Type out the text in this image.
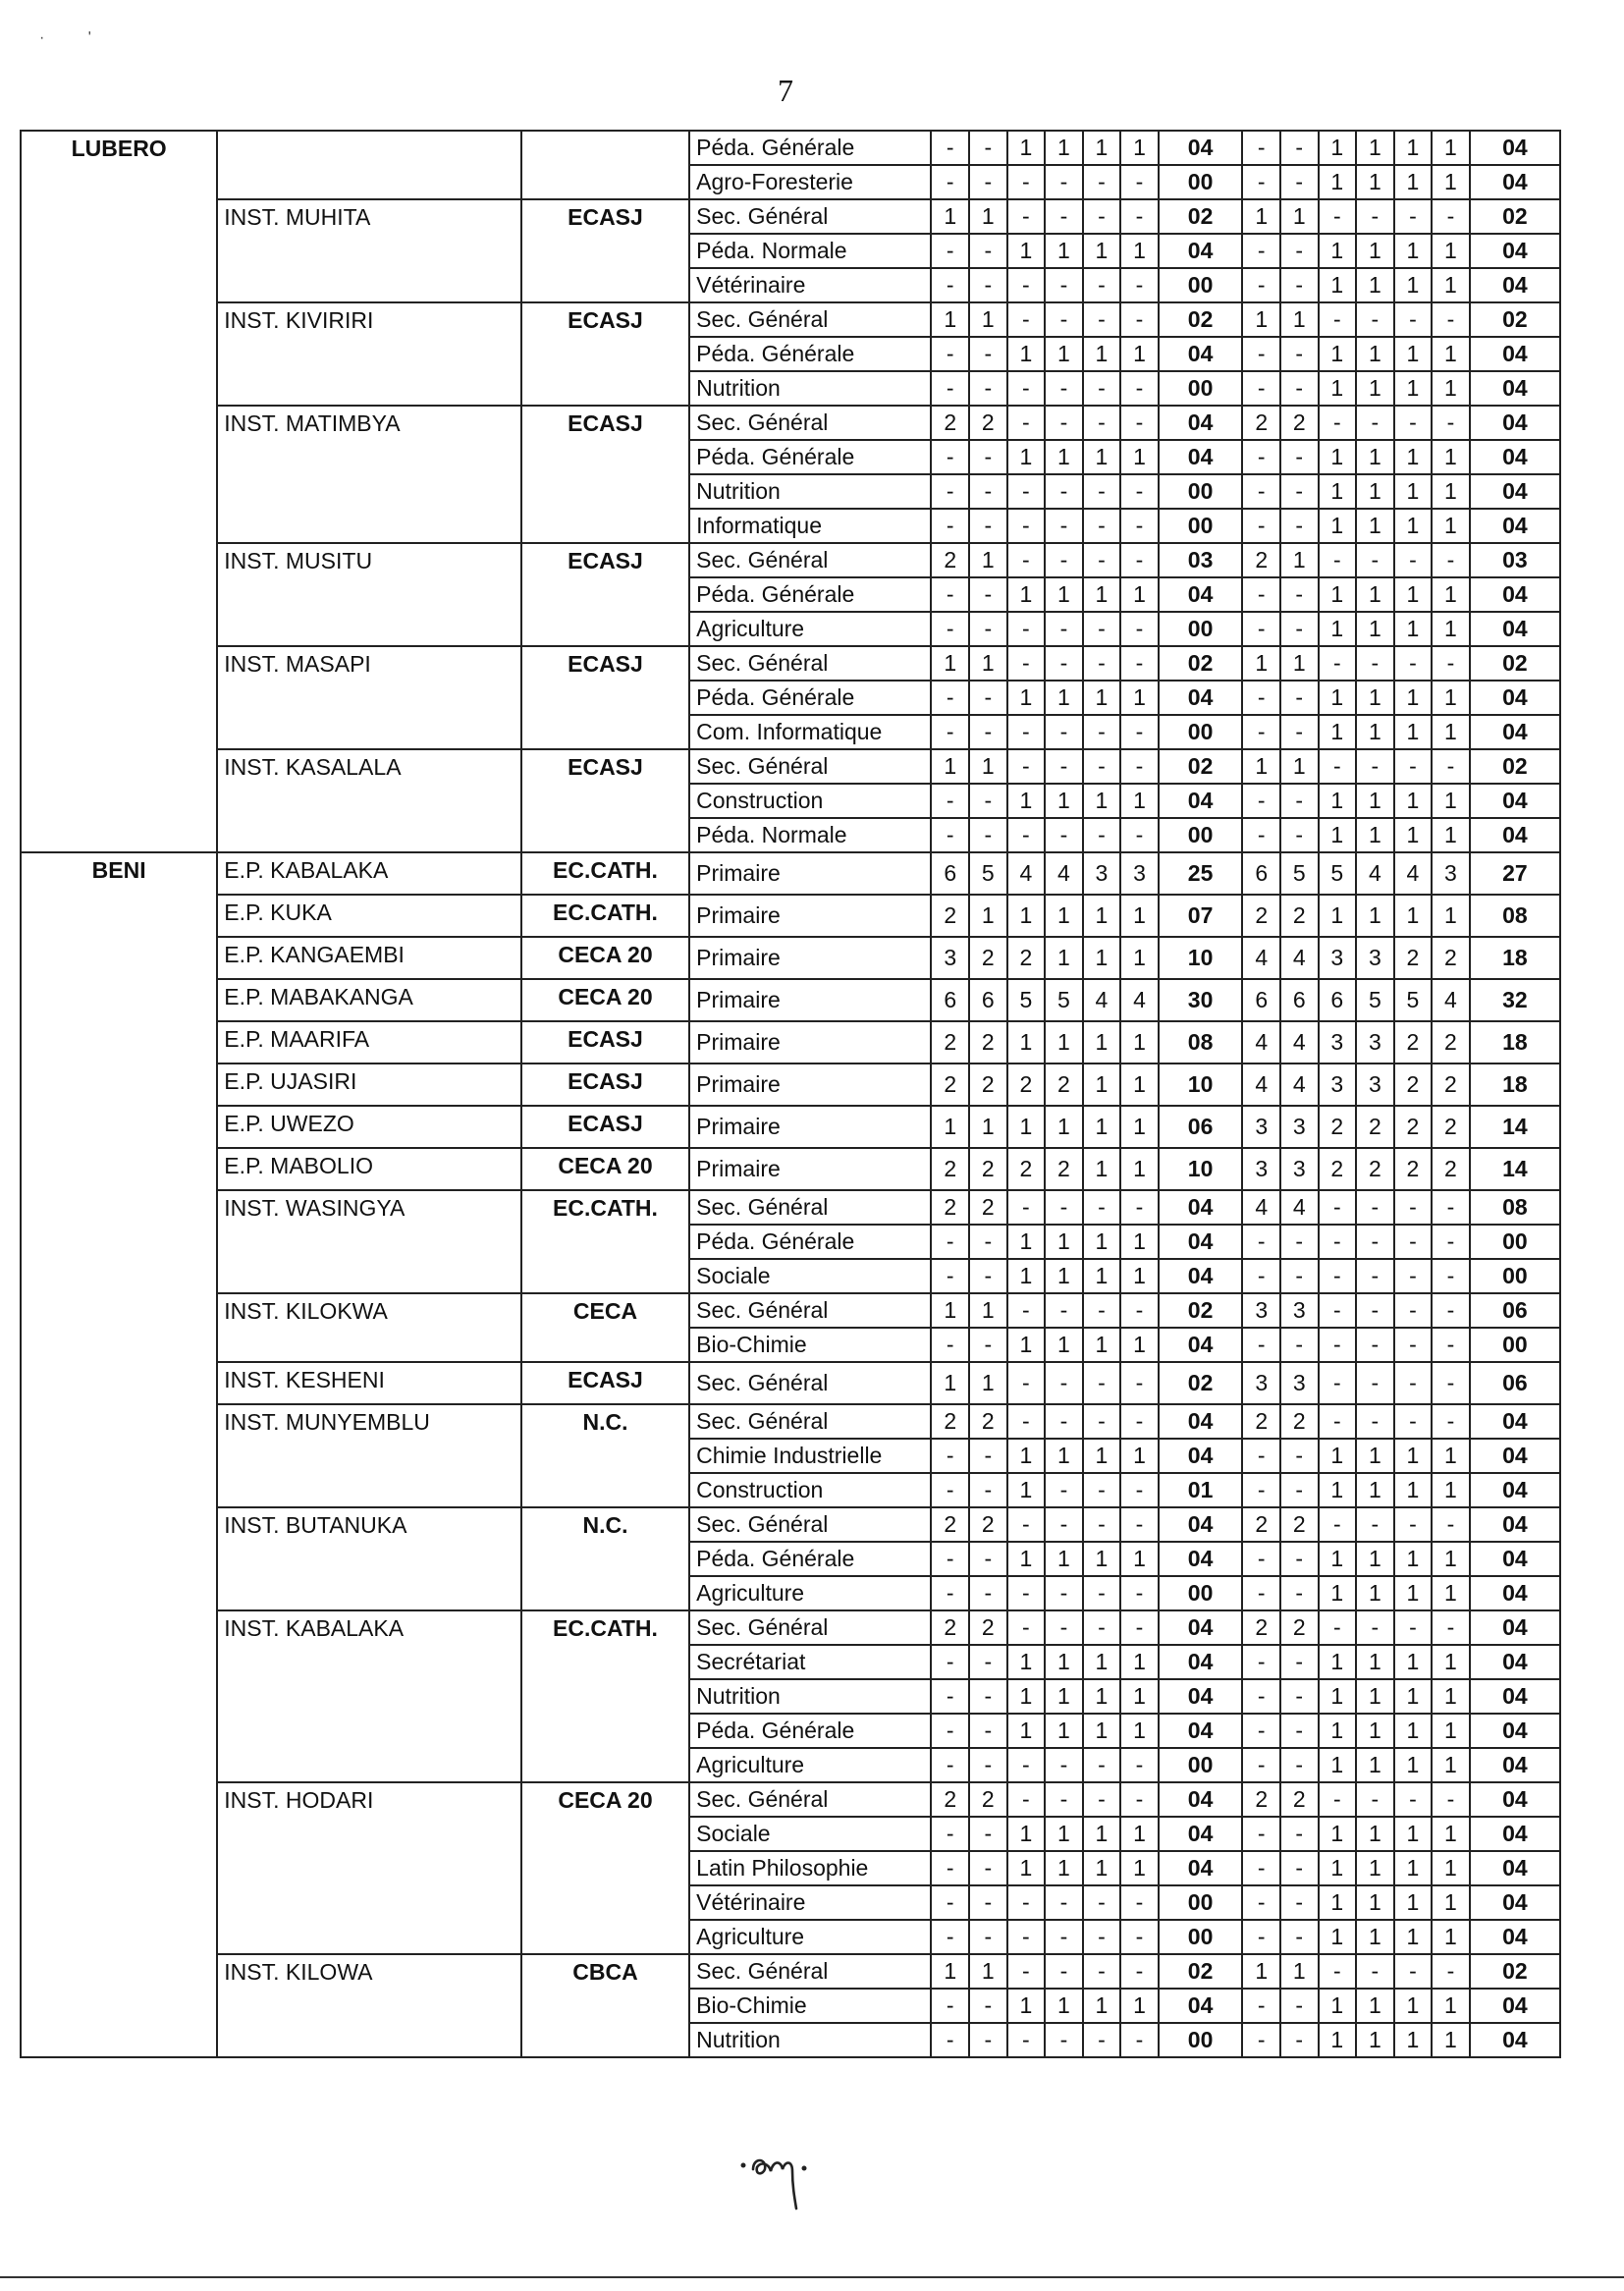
·          '
7
LUBERO			Péda. Générale	-	-	1	1	1	1	04	-	-	1	1	1	1	04
			Agro-Foresterie	-	-	-	-	-	-	00	-	-	1	1	1	1	04
	INST. MUHITA	ECASJ	Sec. Général	1	1	-	-	-	-	02	1	1	-	-	-	-	02
			Péda. Normale	-	-	1	1	1	1	04	-	-	1	1	1	1	04
			Vétérinaire	-	-	-	-	-	-	00	-	-	1	1	1	1	04
	INST. KIVIRIRI	ECASJ	Sec. Général	1	1	-	-	-	-	02	1	1	-	-	-	-	02
			Péda. Générale	-	-	1	1	1	1	04	-	-	1	1	1	1	04
			Nutrition	-	-	-	-	-	-	00	-	-	1	1	1	1	04
	INST. MATIMBYA	ECASJ	Sec. Général	2	2	-	-	-	-	04	2	2	-	-	-	-	04
			Péda. Générale	-	-	1	1	1	1	04	-	-	1	1	1	1	04
			Nutrition	-	-	-	-	-	-	00	-	-	1	1	1	1	04
			Informatique	-	-	-	-	-	-	00	-	-	1	1	1	1	04
	INST. MUSITU	ECASJ	Sec. Général	2	1	-	-	-	-	03	2	1	-	-	-	-	03
			Péda. Générale	-	-	1	1	1	1	04	-	-	1	1	1	1	04
			Agriculture	-	-	-	-	-	-	00	-	-	1	1	1	1	04
	INST. MASAPI	ECASJ	Sec. Général	1	1	-	-	-	-	02	1	1	-	-	-	-	02
			Péda. Générale	-	-	1	1	1	1	04	-	-	1	1	1	1	04
			Com. Informatique	-	-	-	-	-	-	00	-	-	1	1	1	1	04
	INST. KASALALA	ECASJ	Sec. Général	1	1	-	-	-	-	02	1	1	-	-	-	-	02
			Construction	-	-	1	1	1	1	04	-	-	1	1	1	1	04
			Péda. Normale	-	-	-	-	-	-	00	-	-	1	1	1	1	04
BENI	E.P. KABALAKA	EC.CATH.	Primaire	6	5	4	4	3	3	25	6	5	5	4	4	3	27
	E.P. KUKA	EC.CATH.	Primaire	2	1	1	1	1	1	07	2	2	1	1	1	1	08
	E.P. KANGAEMBI	CECA 20	Primaire	3	2	2	1	1	1	10	4	4	3	3	2	2	18
	E.P. MABAKANGA	CECA 20	Primaire	6	6	5	5	4	4	30	6	6	6	5	5	4	32
	E.P. MAARIFA	ECASJ	Primaire	2	2	1	1	1	1	08	4	4	3	3	2	2	18
	E.P. UJASIRI	ECASJ	Primaire	2	2	2	2	1	1	10	4	4	3	3	2	2	18
	E.P. UWEZO	ECASJ	Primaire	1	1	1	1	1	1	06	3	3	2	2	2	2	14
	E.P. MABOLIO	CECA 20	Primaire	2	2	2	2	1	1	10	3	3	2	2	2	2	14
	INST. WASINGYA	EC.CATH.	Sec. Général	2	2	-	-	-	-	04	4	4	-	-	-	-	08
			Péda. Générale	-	-	1	1	1	1	04	-	-	-	-	-	-	00
			Sociale	-	-	1	1	1	1	04	-	-	-	-	-	-	00
	INST. KILOKWA	CECA	Sec. Général	1	1	-	-	-	-	02	3	3	-	-	-	-	06
			Bio-Chimie	-	-	1	1	1	1	04	-	-	-	-	-	-	00
	INST. KESHENI	ECASJ	Sec. Général	1	1	-	-	-	-	02	3	3	-	-	-	-	06
	INST. MUNYEMBLU	N.C.	Sec. Général	2	2	-	-	-	-	04	2	2	-	-	-	-	04
			Chimie Industrielle	-	-	1	1	1	1	04	-	-	1	1	1	1	04
			Construction	-	-	1	-	-	-	01	-	-	1	1	1	1	04
	INST. BUTANUKA	N.C.	Sec. Général	2	2	-	-	-	-	04	2	2	-	-	-	-	04
			Péda. Générale	-	-	1	1	1	1	04	-	-	1	1	1	1	04
			Agriculture	-	-	-	-	-	-	00	-	-	1	1	1	1	04
	INST. KABALAKA	EC.CATH.	Sec. Général	2	2	-	-	-	-	04	2	2	-	-	-	-	04
			Secrétariat	-	-	1	1	1	1	04	-	-	1	1	1	1	04
			Nutrition	-	-	1	1	1	1	04	-	-	1	1	1	1	04
			Péda. Générale	-	-	1	1	1	1	04	-	-	1	1	1	1	04
			Agriculture	-	-	-	-	-	-	00	-	-	1	1	1	1	04
	INST. HODARI	CECA 20	Sec. Général	2	2	-	-	-	-	04	2	2	-	-	-	-	04
			Sociale	-	-	1	1	1	1	04	-	-	1	1	1	1	04
			Latin Philosophie	-	-	1	1	1	1	04	-	-	1	1	1	1	04
			Vétérinaire	-	-	-	-	-	-	00	-	-	1	1	1	1	04
			Agriculture	-	-	-	-	-	-	00	-	-	1	1	1	1	04
	INST. KILOWA	CBCA	Sec. Général	1	1	-	-	-	-	02	1	1	-	-	-	-	02
			Bio-Chimie	-	-	1	1	1	1	04	-	-	1	1	1	1	04
			Nutrition	-	-	-	-	-	-	00	-	-	1	1	1	1	04
